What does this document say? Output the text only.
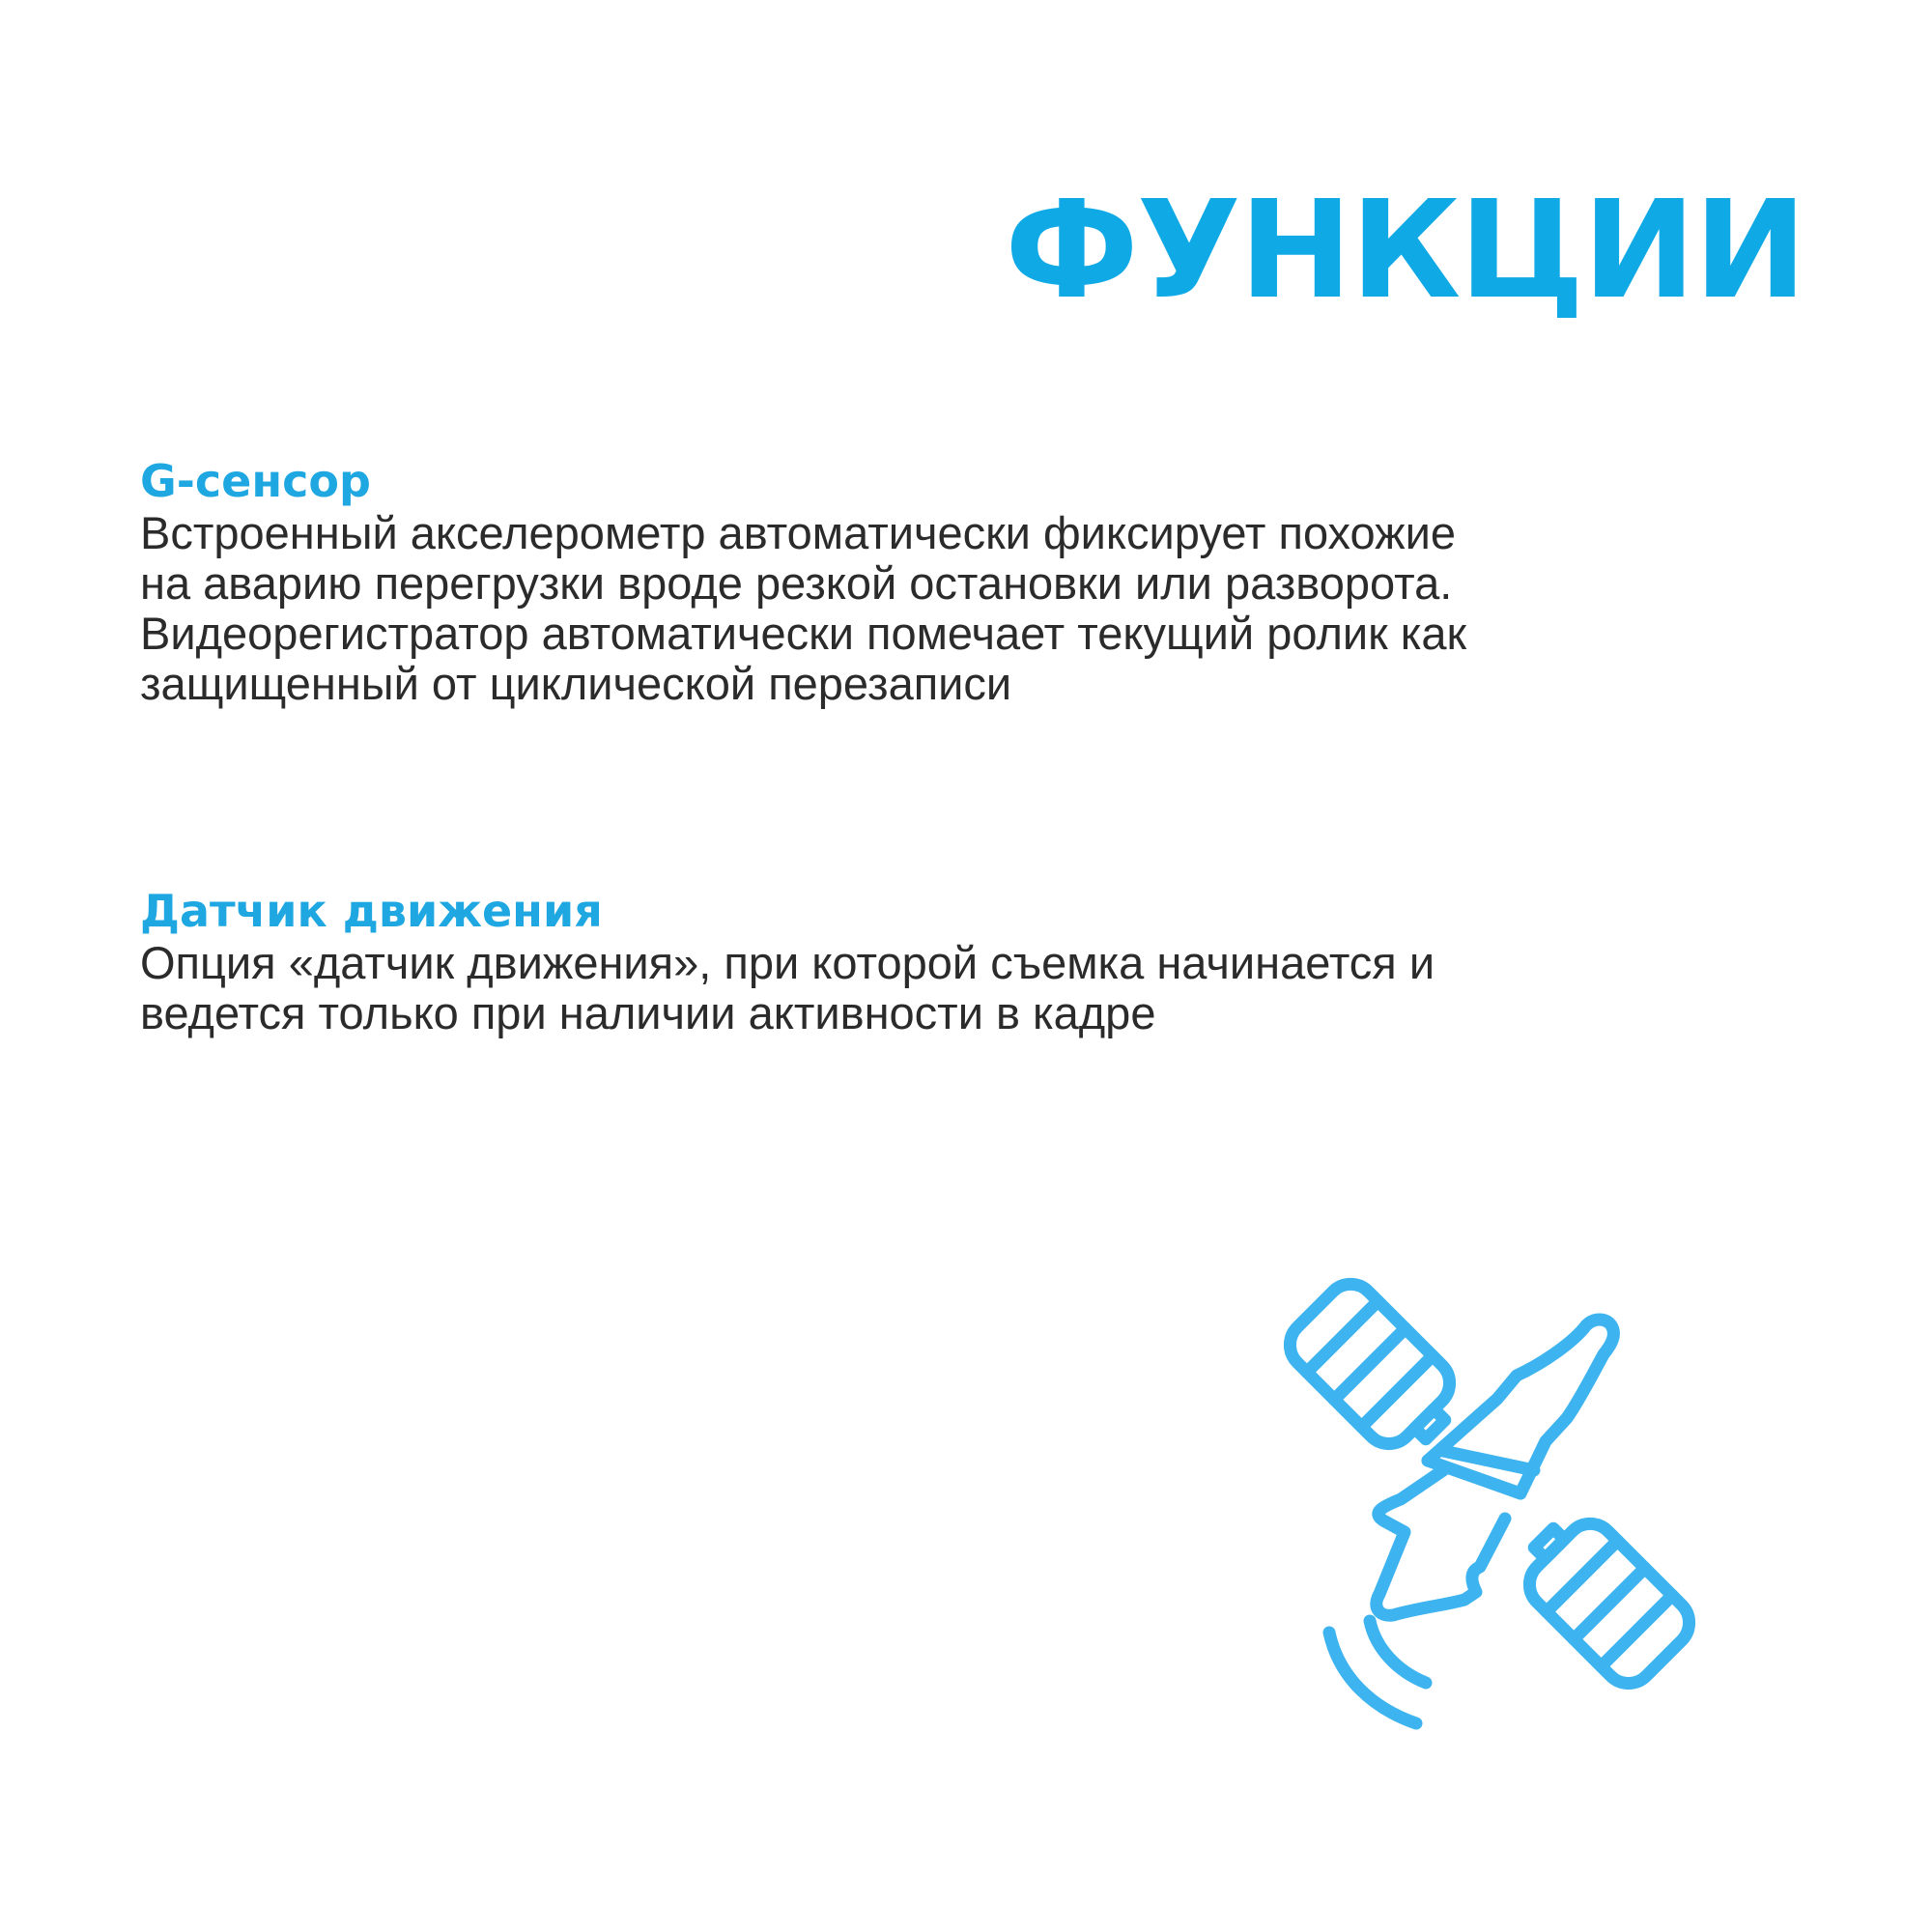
ФУНКЦИИ
G-сенсор

Встроенный акселерометр автоматически фиксирует похожие
на аварию перегрузки вроде резкой остановки или разворота.
Видеорегистратор автоматически помечает текущий ролик как
защищенный от циклической перезаписи

Датчик движения

Опция «датчик движения», при которой съемка начинается и
ведется только при наличии активности в кадре
